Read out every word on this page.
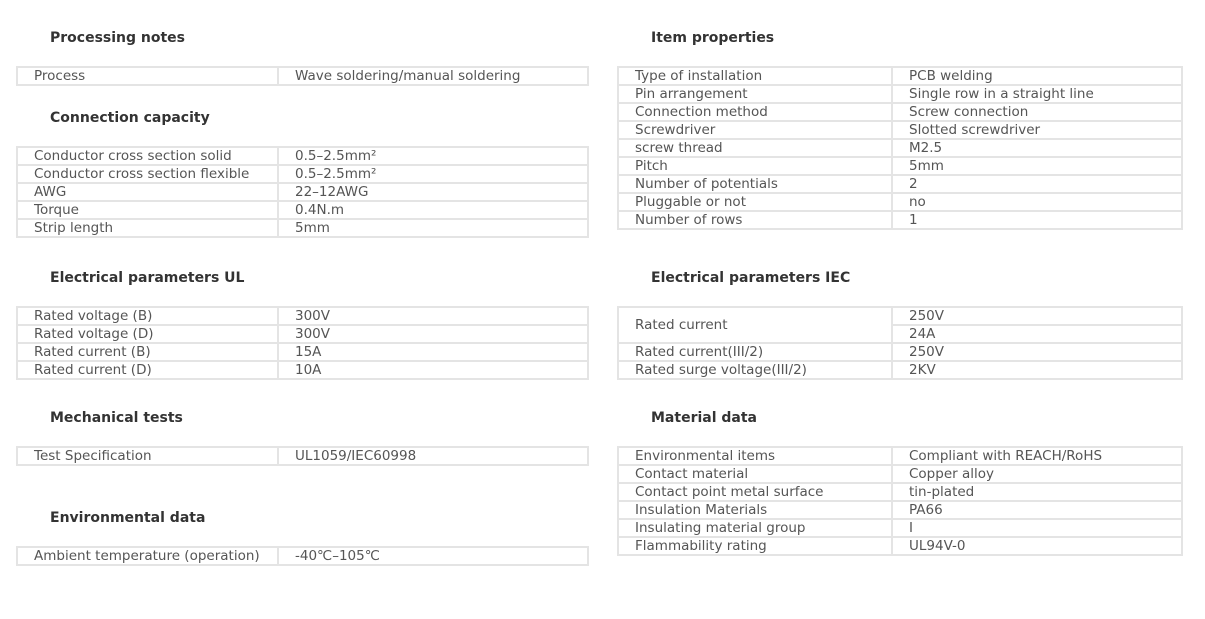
Processing notes
Process	Wave soldering/manual soldering
Connection capacity
Conductor cross section solid	0.5–2.5mm²
Conductor cross section flexible	0.5–2.5mm²
AWG	22–12AWG
Torque	0.4N.m
Strip length	5mm
Electrical parameters UL
Rated voltage (B)	300V
Rated voltage (D)	300V
Rated current (B)	15A
Rated current (D)	10A
Mechanical tests
Test Specification	UL1059/IEC60998
Environmental data
Ambient temperature (operation)	-40℃–105℃
Item properties
Type of installation	PCB welding
Pin arrangement	Single row in a straight line
Connection method	Screw connection
Screwdriver	Slotted screwdriver
screw thread	M2.5
Pitch	5mm
Number of potentials	2
Pluggable or not	no
Number of rows	1
Electrical parameters IEC
Rated current	250V
	24A
Rated current(III/2)	250V
Rated surge voltage(III/2)	2KV
Material data
Environmental items	Compliant with REACH/RoHS
Contact material	Copper alloy
Contact point metal surface	tin-plated
Insulation Materials	PA66
Insulating material group	Ⅰ
Flammability rating	UL94V-0
